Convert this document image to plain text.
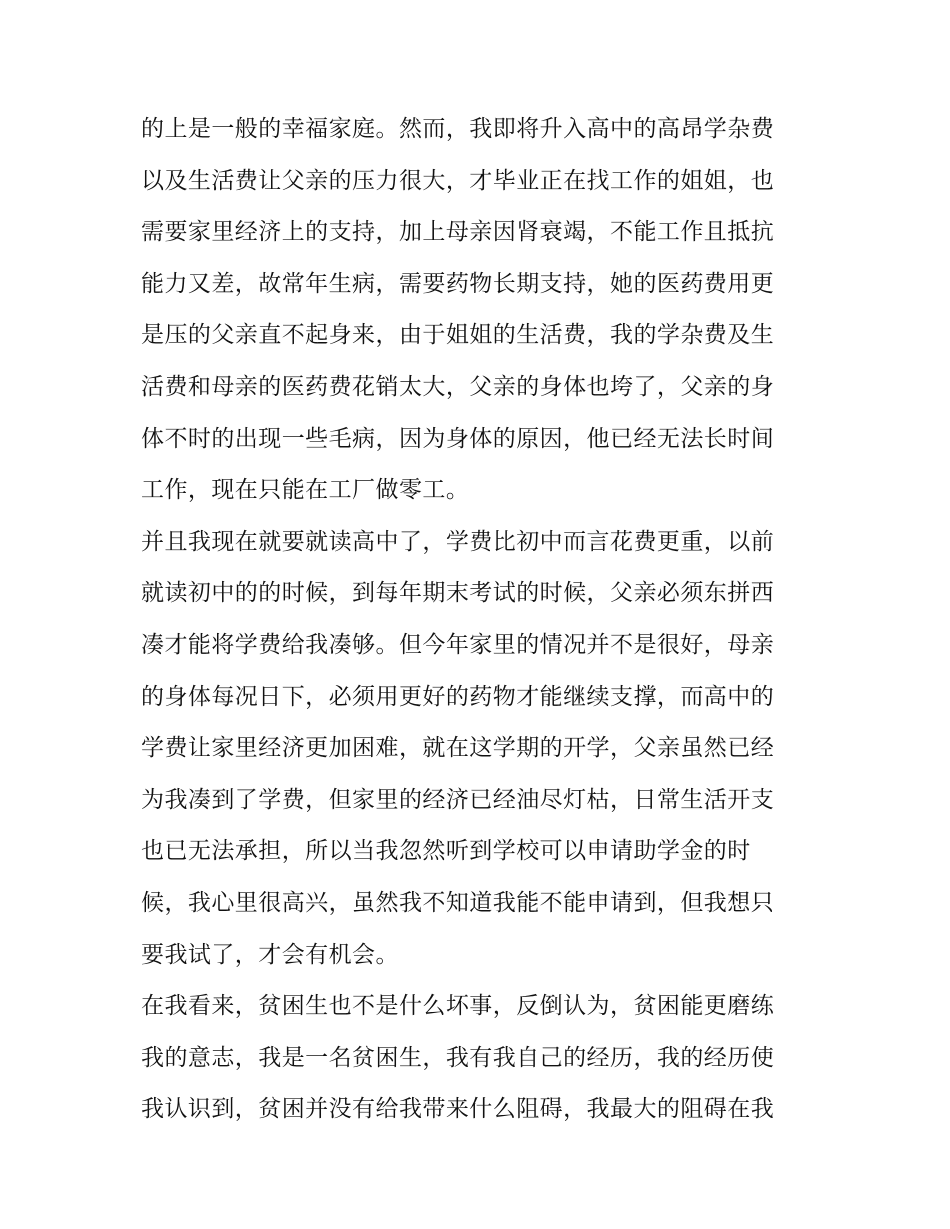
的上是一般的幸福家庭。然而，我即将升入高中的高昂学杂费
以及生活费让父亲的压力很大，才毕业正在找工作的姐姐，也
需要家里经济上的支持，加上母亲因肾衰竭，不能工作且抵抗
能力又差，故常年生病，需要药物长期支持，她的医药费用更
是压的父亲直不起身来，由于姐姐的生活费，我的学杂费及生
活费和母亲的医药费花销太大，父亲的身体也垮了，父亲的身
体不时的出现一些毛病，因为身体的原因，他已经无法长时间
工作，现在只能在工厂做零工。
并且我现在就要就读高中了，学费比初中而言花费更重，以前
就读初中的的时候，到每年期末考试的时候，父亲必须东拼西
凑才能将学费给我凑够。但今年家里的情况并不是很好，母亲
的身体每况日下，必须用更好的药物才能继续支撑，而高中的
学费让家里经济更加困难，就在这学期的开学，父亲虽然已经
为我凑到了学费，但家里的经济已经油尽灯枯，日常生活开支
也已无法承担，所以当我忽然听到学校可以申请助学金的时
候，我心里很高兴，虽然我不知道我能不能申请到，但我想只
要我试了，才会有机会。
在我看来，贫困生也不是什么坏事，反倒认为，贫困能更磨练
我的意志，我是一名贫困生，我有我自己的经历，我的经历使
我认识到，贫困并没有给我带来什么阻碍，我最大的阻碍在我
